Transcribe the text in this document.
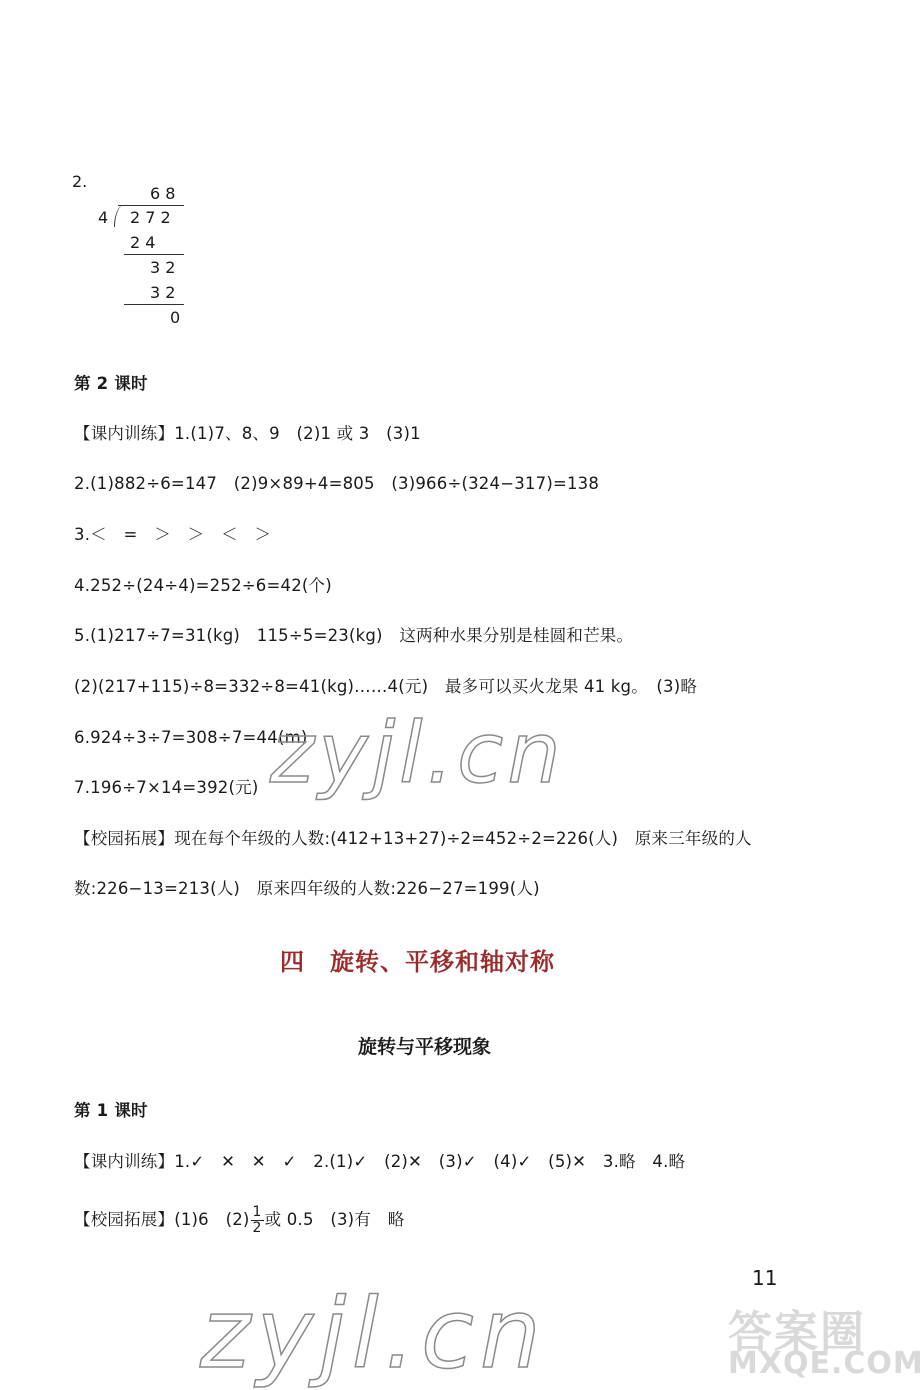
2.
6 8
4 2 7 2
2 4
3 2
3 2
0
第 2 课时
【课内训练】1.(1)7、8、9　(2)1 或 3　(3)1
2.(1)882÷6=147　(2)9×89+4=805　(3)966÷(324−317)=138
3.＜　=　＞　＞　＜　＞
4.252÷(24÷4)=252÷6=42(个)
5.(1)217÷7=31(kg)　115÷5=23(kg)　这两种水果分别是桂圆和芒果。
(2)(217+115)÷8=332÷8=41(kg)……4(元)　最多可以买火龙果 41 kg。　(3)略
6.924÷3÷7=308÷7=44(m)
7.196÷7×14=392(元)
【校园拓展】现在每个年级的人数:(412+13+27)÷2=452÷2=226(人)　原来三年级的人
数:226−13=213(人)　原来四年级的人数:226−27=199(人)
四　旋转、平移和轴对称
旋转与平移现象
第 1 课时
【课内训练】1.✓　✕　✕　✓　2.(1)✓　(2)✕　(3)✓　(4)✓　(5)✕　3.略　4.略
【校园拓展】(1)6　$(2) \frac{1}{2}$ 或 0.5　(3)有　略
11
zyjl.cn
zyjl.cn	答案圈
MXQE.COM
